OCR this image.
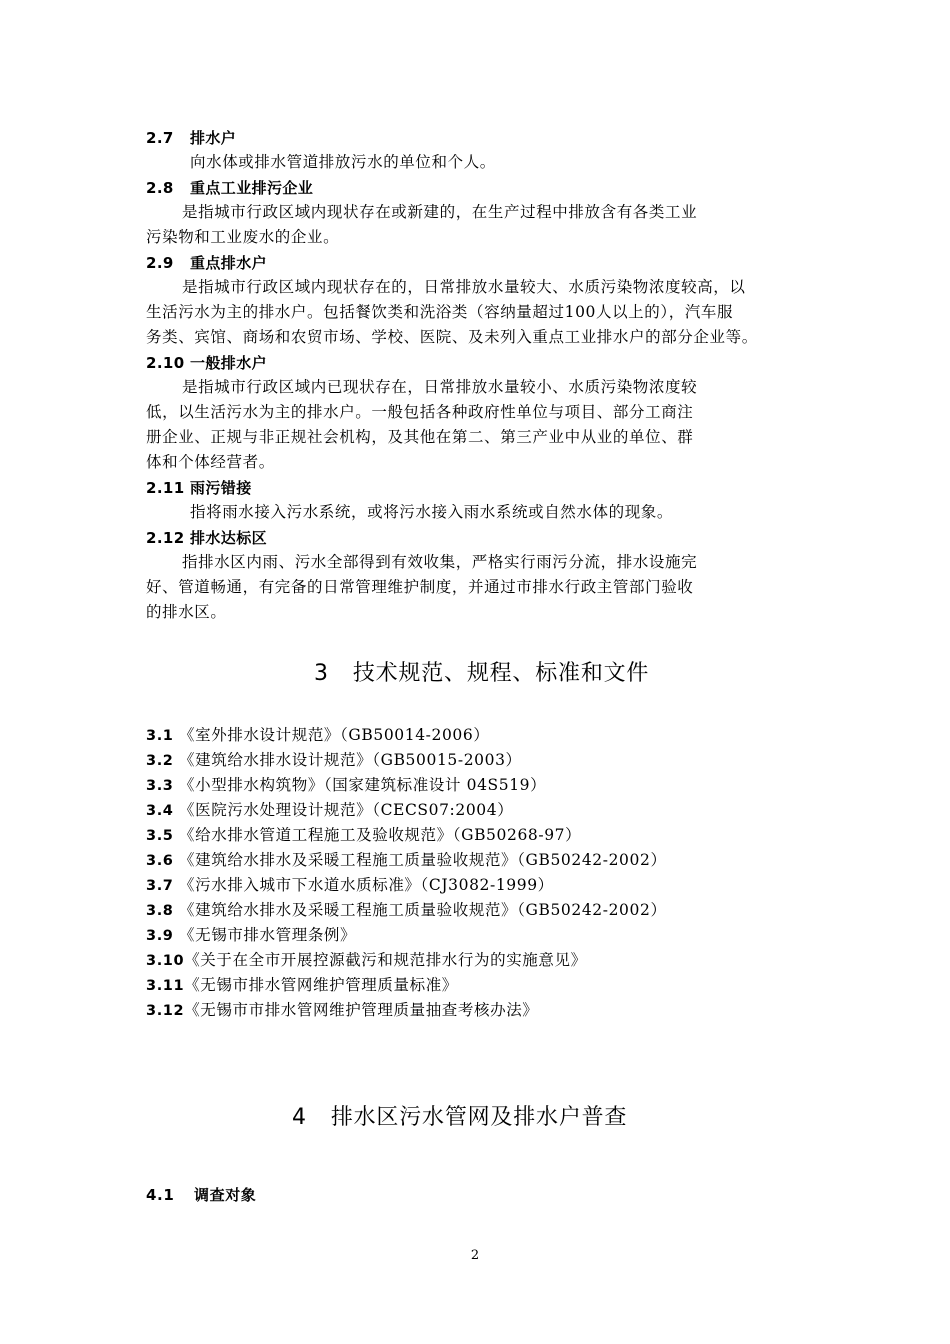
2.7 排水户
向水体或排水管道排放污水的单位和个人。
2.8 重点工业排污企业
是指城市行政区域内现状存在或新建的，在生产过程中排放含有各类工业
污染物和工业废水的企业。
2.9 重点排水户
是指城市行政区域内现状存在的，日常排放水量较大、水质污染物浓度较高，以
生活污水为主的排水户。包括餐饮类和洗浴类（容纳量超过100人以上的），汽车服
务类、宾馆、商场和农贸市场、学校、医院、及未列入重点工业排水户的部分企业等。
2.10 一般排水户
是指城市行政区域内已现状存在，日常排放水量较小、水质污染物浓度较
低，以生活污水为主的排水户。一般包括各种政府性单位与项目、部分工商注
册企业、正规与非正规社会机构，及其他在第二、第三产业中从业的单位、群
体和个体经营者。
2.11 雨污错接
指将雨水接入污水系统，或将污水接入雨水系统或自然水体的现象。
2.12 排水达标区
指排水区内雨、污水全部得到有效收集，严格实行雨污分流，排水设施完
好、管道畅通，有完备的日常管理维护制度，并通过市排水行政主管部门验收
的排水区。
3 技术规范、规程、标准和文件
3.1 《室外排水设计规范》（GB50014-2006）
3.2 《建筑给水排水设计规范》（GB50015-2003）
3.3 《小型排水构筑物》（国家建筑标准设计 04S519）
3.4 《医院污水处理设计规范》（CECS07:2004）
3.5 《给水排水管道工程施工及验收规范》（GB50268-97）
3.6 《建筑给水排水及采暖工程施工质量验收规范》（GB50242-2002）
3.7 《污水排入城市下水道水质标准》（CJ3082-1999）
3.8 《建筑给水排水及采暖工程施工质量验收规范》（GB50242-2002）
3.9 《无锡市排水管理条例》
3.10《关于在全市开展控源截污和规范排水行为的实施意见》
3.11《无锡市排水管网维护管理质量标准》
3.12《无锡市市排水管网维护管理质量抽查考核办法》
4 排水区污水管网及排水户普查
4.1 调查对象
2
